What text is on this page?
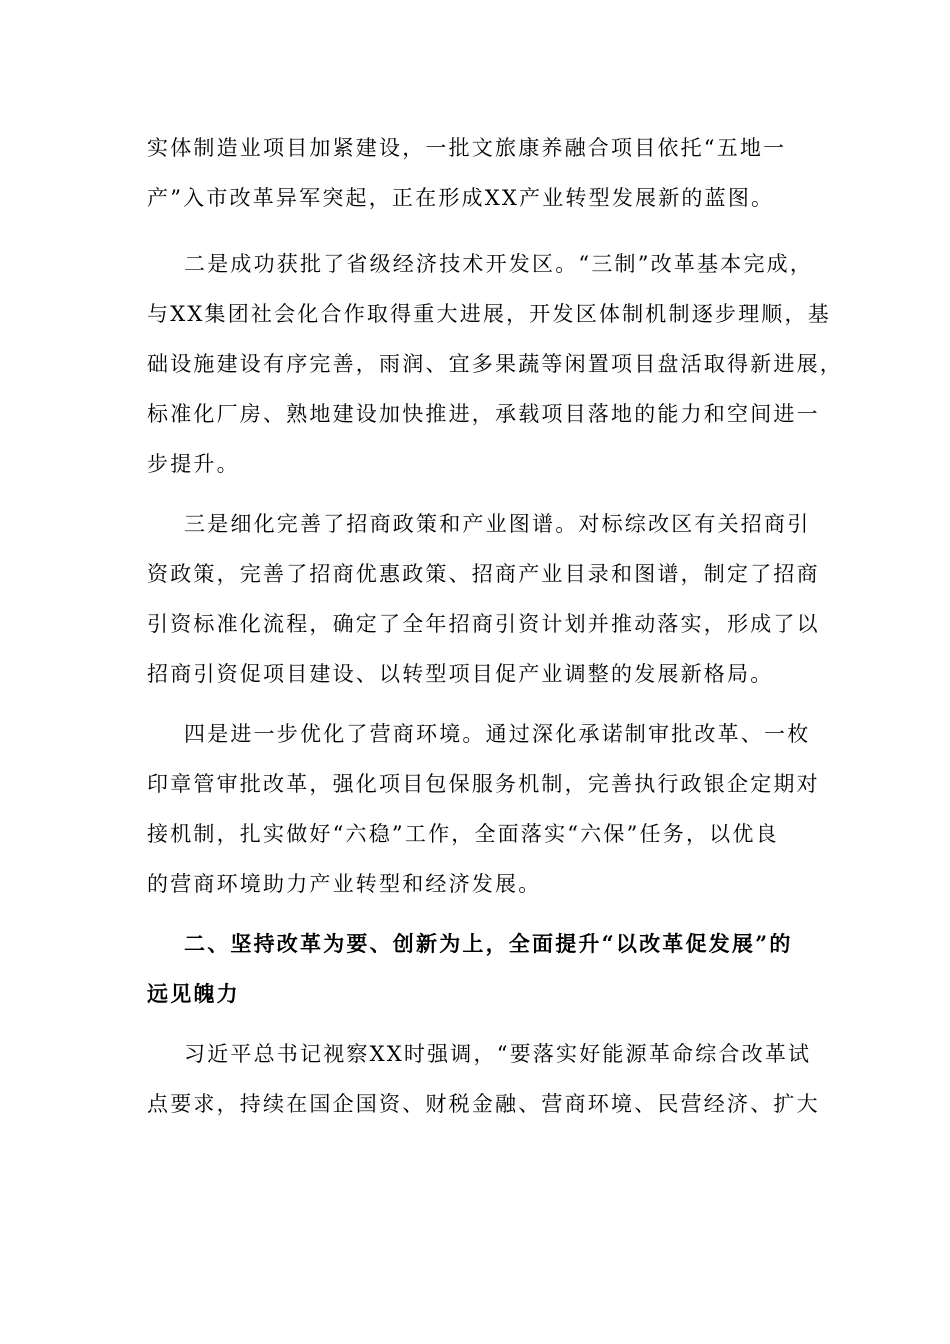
实体制造业项目加紧建设，一批文旅康养融合项目依托“五地一
产”入市改革异军突起，正在形成XX产业转型发展新的蓝图。
二是成功获批了省级经济技术开发区。“三制”改革基本完成，
与XX集团社会化合作取得重大进展，开发区体制机制逐步理顺，基
础设施建设有序完善，雨润、宜多果蔬等闲置项目盘活取得新进展，
标准化厂房、熟地建设加快推进，承载项目落地的能力和空间进一
步提升。
三是细化完善了招商政策和产业图谱。对标综改区有关招商引
资政策，完善了招商优惠政策、招商产业目录和图谱，制定了招商
引资标准化流程，确定了全年招商引资计划并推动落实，形成了以
招商引资促项目建设、以转型项目促产业调整的发展新格局。
四是进一步优化了营商环境。通过深化承诺制审批改革、一枚
印章管审批改革，强化项目包保服务机制，完善执行政银企定期对
接机制，扎实做好“六稳”工作，全面落实“六保”任务，以优良
的营商环境助力产业转型和经济发展。
二、坚持改革为要、创新为上，全面提升“以改革促发展”的
远见魄力
习近平总书记视察XX时强调，“要落实好能源革命综合改革试
点要求，持续在国企国资、财税金融、营商环境、民营经济、扩大
